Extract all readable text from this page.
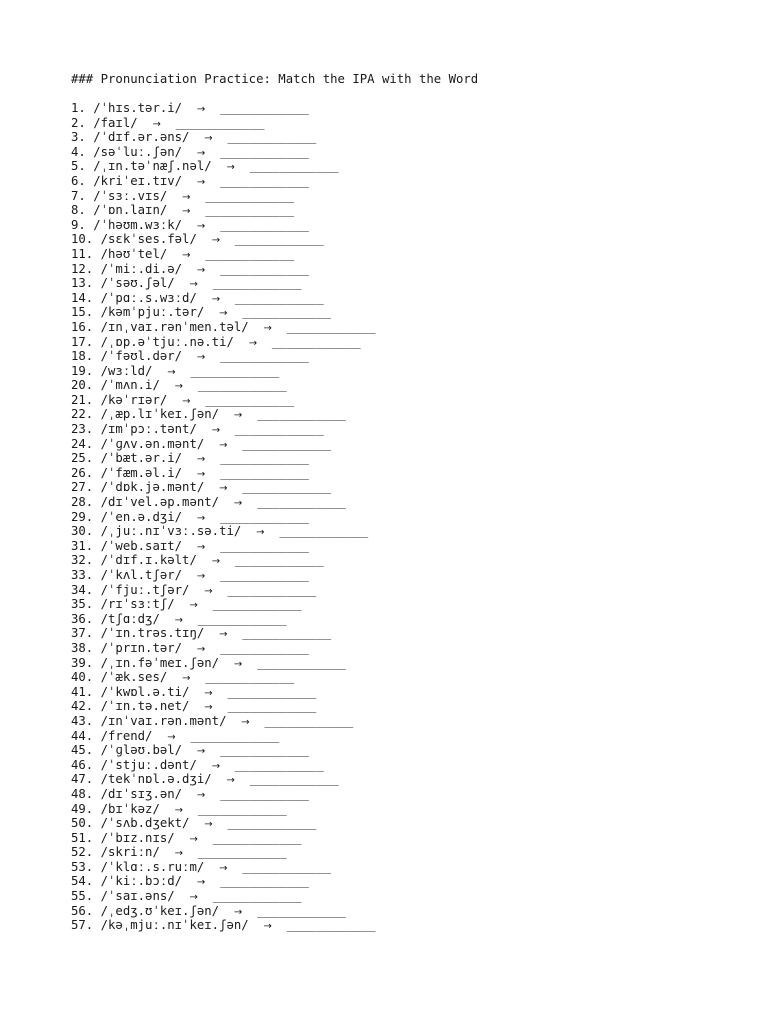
### Pronunciation Practice: Match the IPA with the Word
1. /ˈhɪs.tər.i/ → ____________
2. /faɪl/ → ____________
3. /ˈdɪf.ər.əns/ → ____________
4. /səˈluː.ʃən/ → ____________
5. /ˌɪn.təˈnæʃ.nəl/ → ____________
6. /kriˈeɪ.tɪv/ → ____________
7. /ˈsɜː.vɪs/ → ____________
8. /ˈɒn.laɪn/ → ____________
9. /ˈhəʊm.wɜːk/ → ____________
10. /sɛkˈses.fəl/ → ____________
11. /həʊˈtel/ → ____________
12. /ˈmiː.di.ə/ → ____________
13. /ˈsəʊ.ʃəl/ → ____________
14. /ˈpɑː.s.wɜːd/ → ____________
15. /kəmˈpjuː.tər/ → ____________
16. /ɪnˌvaɪ.rənˈmen.təl/ → ____________
17. /ˌɒp.əˈtjuː.nə.ti/ → ____________
18. /ˈfəʊl.dər/ → ____________
19. /wɜːld/ → ____________
20. /ˈmʌn.i/ → ____________
21. /kəˈrɪər/ → ____________
22. /ˌæp.lɪˈkeɪ.ʃən/ → ____________
23. /ɪmˈpɔː.tənt/ → ____________
24. /ˈɡʌv.ən.mənt/ → ____________
25. /ˈbæt.ər.i/ → ____________
26. /ˈfæm.əl.i/ → ____________
27. /ˈdɒk.jə.mənt/ → ____________
28. /dɪˈvel.əp.mənt/ → ____________
29. /ˈen.ə.dʒi/ → ____________
30. /ˌjuː.nɪˈvɜː.sə.ti/ → ____________
31. /ˈweb.saɪt/ → ____________
32. /ˈdɪf.ɪ.kəlt/ → ____________
33. /ˈkʌl.tʃər/ → ____________
34. /ˈfjuː.tʃər/ → ____________
35. /rɪˈsɜːtʃ/ → ____________
36. /tʃɑːdʒ/ → ____________
37. /ˈɪn.trəs.tɪŋ/ → ____________
38. /ˈprɪn.tər/ → ____________
39. /ˌɪn.fəˈmeɪ.ʃən/ → ____________
40. /ˈæk.ses/ → ____________
41. /ˈkwɒl.ə.ti/ → ____________
42. /ˈɪn.tə.net/ → ____________
43. /ɪnˈvaɪ.rən.mənt/ → ____________
44. /frend/ → ____________
45. /ˈɡləʊ.bəl/ → ____________
46. /ˈstjuː.dənt/ → ____________
47. /tekˈnɒl.ə.dʒi/ → ____________
48. /dɪˈsɪʒ.ən/ → ____________
49. /bɪˈkəz/ → ____________
50. /ˈsʌb.dʒekt/ → ____________
51. /ˈbɪz.nɪs/ → ____________
52. /skriːn/ → ____________
53. /ˈklɑː.s.ruːm/ → ____________
54. /ˈkiː.bɔːd/ → ____________
55. /ˈsaɪ.əns/ → ____________
56. /ˌedʒ.ʊˈkeɪ.ʃən/ → ____________
57. /kəˌmjuː.nɪˈkeɪ.ʃən/ → ____________
